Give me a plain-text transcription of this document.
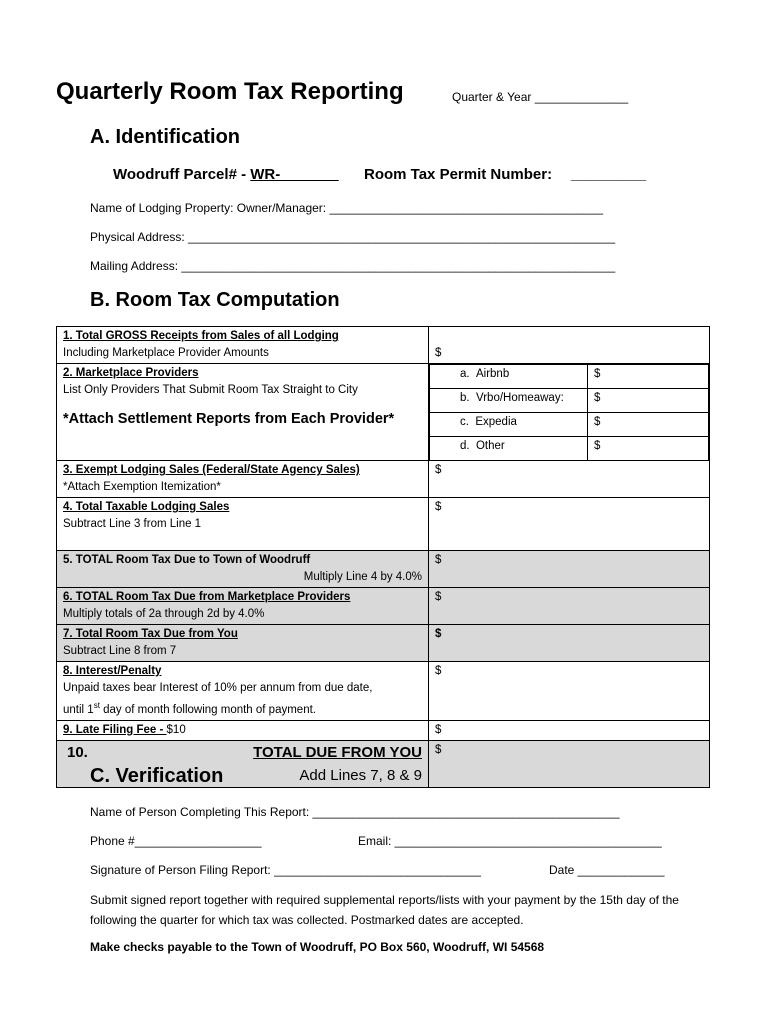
Quarterly Room Tax Reporting	Quarter & Year ______________
A. Identification
Woodruff Parcel# - WR-_______ Room Tax Permit Number: _________
Name of Lodging Property: Owner/Manager: _________________________________________
Physical Address: ________________________________________________________________
Mailing Address: _________________________________________________________________
B. Room Tax Computation
1. Total GROSS Receipts from Sales of all Lodging
Including Marketplace Provider Amounts	$
2. Marketplace Providers
List Only Providers That Submit Room Tax Straight to City
*Attach Settlement Reports from Each Provider*

a. Airbnb	$
b. Vrbo/Homeaway:	$
c. Expedia	$
d. Other	$

3. Exempt Lodging Sales (Federal/State Agency Sales)
*Attach Exemption Itemization*	$
4. Total Taxable Lodging Sales
Subtract Line 3 from Line 1	$
5. TOTAL Room Tax Due to Town of Woodruff

Multiply Line 4 by 4.0%
	$
6. TOTAL Room Tax Due from Marketplace Providers
Multiply totals of 2a through 2d by 4.0%	$
7. Total Room Tax Due from You
Subtract Line 8 from 7	$
8. Interest/Penalty
Unpaid taxes bear Interest of 10% per annum from due date,
until 1st day of month following month of payment.	$
9. Late Filing Fee - $10	$
10.	TOTAL DUE FROM YOU

Add Lines 7, 8 & 9
	$
C. Verification
Name of Person Completing This Report: ______________________________________________
Phone #___________________	Email: ________________________________________
Signature of Person Filing Report: _______________________________	Date _____________
Submit signed report together with required supplemental reports/lists with your payment by the 15th day of the following the quarter for which tax was collected. Postmarked dates are accepted.
Make checks payable to the Town of Woodruff, PO Box 560, Woodruff, WI 54568
